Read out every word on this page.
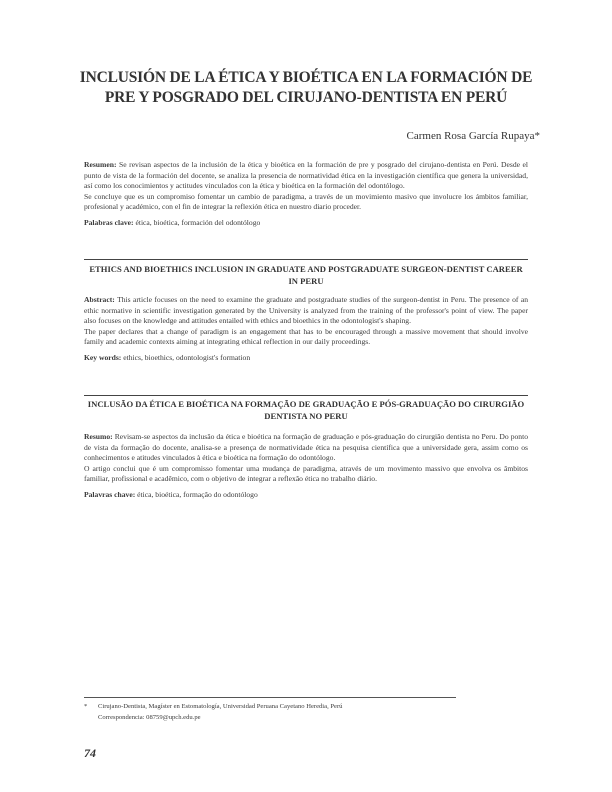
INCLUSIÓN DE LA ÉTICA Y BIOÉTICA EN LA FORMACIÓN DE PRE Y POSGRADO DEL CIRUJANO-DENTISTA EN PERÚ
Carmen Rosa García Rupaya*

Resumen: Se revisan aspectos de la inclusión de la ética y bioética en la formación de pre y posgrado del cirujano-dentista en Perú. Desde el punto de vista de la formación del docente, se analiza la presencia de normatividad ética en la investigación científica que genera la universidad, así como los conocimientos y actitudes vinculados con la ética y bioética en la formación del odontólogo.

Se concluye que es un compromiso fomentar un cambio de paradigma, a través de un movimiento masivo que involucre los ámbitos familiar, profesional y académico, con el fin de integrar la reflexión ética en nuestro diario proceder.

Palabras clave: ética, bioética, formación del odontólogo

ETHICS AND BIOETHICS INCLUSION IN GRADUATE AND POSTGRADUATE SURGEON-DENTIST CAREER IN PERU

Abstract: This article focuses on the need to examine the graduate and postgraduate studies of the surgeon-dentist in Peru. The presence of an ethic normative in scientific investigation generated by the University is analyzed from the training of the professor's point of view. The paper also focuses on the knowledge and attitudes entailed with ethics and bioethics in the odontologist's shaping.

The paper declares that a change of paradigm is an engagement that has to be encouraged through a massive movement that should involve family and academic contexts aiming at integrating ethical reflection in our daily proceedings.

Key words: ethics, bioethics, odontologist's formation

INCLUSÃO DA ÉTICA E BIOÉTICA NA FORMAÇÃO DE GRADUAÇÃO E PÓS-GRADUAÇÃO DO CIRURGIÃO DENTISTA NO PERU

Resumo: Revisam-se aspectos da inclusão da ética e bioética na formação de graduação e pós-graduação do cirurgião dentista no Peru. Do ponto de vista da formação do docente, analisa-se a presença de normatividade ética na pesquisa científica que a universidade gera, assim como os conhecimentos e atitudes vinculados à ética e bioética na formação do odontólogo.

O artigo conclui que é um compromisso fomentar uma mudança de paradigma, através de um movimento massivo que envolva os âmbitos familiar, profissional e acadêmico, com o objetivo de integrar a reflexão ética no trabalho diário.

Palavras chave: ética, bioética, formação do odontólogo

* Cirujano-Dentista, Magíster en Estomatología, Universidad Peruana Cayetano Heredia, Perú
Correspondencia: 08759@upch.edu.pe
74
